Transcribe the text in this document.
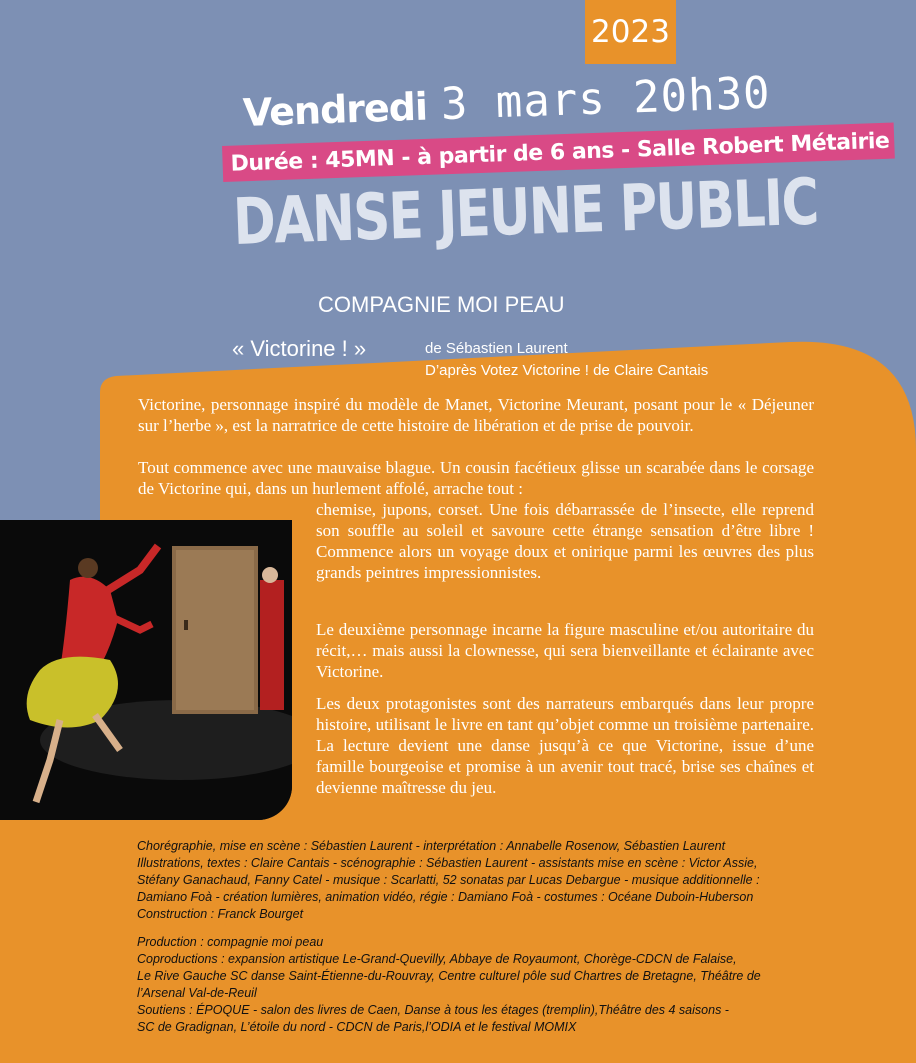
2023
Vendredi 3 mars 20h30
Durée : 45MN - à partir de 6 ans - Salle Robert Métairie
DANSE JEUNE PUBLIC
COMPAGNIE MOI PEAU
« Victorine ! »	de Sébastien Laurent
D’après Votez Victorine ! de Claire Cantais
Victorine, personnage inspiré du modèle de Manet, Victorine Meurant, posant pour le « Déjeuner sur l’herbe », est la narratrice de cette histoire de libération et de prise de pouvoir.
Tout commence avec une mauvaise blague. Un cousin facétieux glisse un scarabée dans le corsage de Victorine qui, dans un hurlement affolé, arrache tout :
chemise, jupons, corset. Une fois débarrassée de l’insecte, elle reprend son souffle au soleil et savoure cette étrange sensation d’être libre ! Commence alors un voyage doux et onirique parmi les œuvres des plus grands peintres impressionnistes.
Le deuxième personnage incarne la figure masculine et/ou autoritaire du récit,… mais aussi la clownesse, qui sera bienveillante et éclairante avec Victorine.
Les deux protagonistes sont des narrateurs embarqués dans leur propre histoire, utilisant le livre en tant qu’objet comme un troisième partenaire. La lecture devient une danse jusqu’à ce que Victorine, issue d’une famille bourgeoise et promise à un avenir tout tracé, brise ses chaînes et devienne maîtresse du jeu.
Chorégraphie, mise en scène : Sébastien Laurent - interprétation : Annabelle Rosenow, Sébastien Laurent
Illustrations, textes : Claire Cantais - scénographie : Sébastien Laurent - assistants mise en scène : Victor Assie,
Stéfany Ganachaud, Fanny Catel - musique : Scarlatti, 52 sonatas par Lucas Debargue - musique additionnelle :
Damiano Foà - création lumières, animation vidéo, régie : Damiano Foà - costumes : Océane Duboin-Huberson
Construction : Franck Bourget
Production : compagnie moi peau
Coproductions : expansion artistique Le-Grand-Quevilly, Abbaye de Royaumont, Chorège-CDCN de Falaise,
Le Rive Gauche SC danse Saint-Étienne-du-Rouvray, Centre culturel pôle sud Chartres de Bretagne, Théâtre de
l’Arsenal Val-de-Reuil
Soutiens : ÉPOQUE - salon des livres de Caen, Danse à tous les étages (tremplin),Théâtre des 4 saisons -
SC de Gradignan, L’étoile du nord - CDCN de Paris,l’ODIA et le festival MOMIX
